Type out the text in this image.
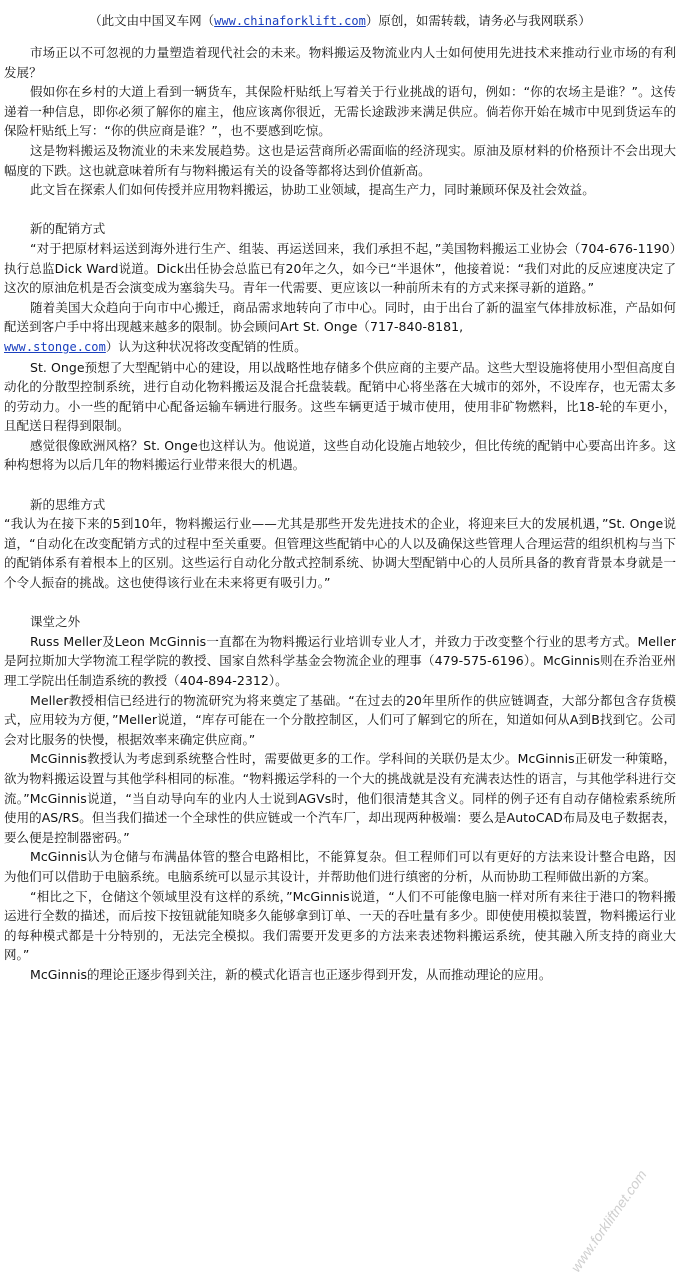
（此文由中国叉车网（www.chinaforklift.com）原创，如需转载，请务必与我网联系）

市场正以不可忽视的力量塑造着现代社会的未来。物料搬运及物流业内人士如何使用先进技术来推动行业市场的有利发展？

假如你在乡村的大道上看到一辆货车，其保险杆贴纸上写着关于行业挑战的语句，例如：“你的农场主是谁？”。这传递着一种信息，即你必须了解你的雇主，他应该离你很近，无需长途跋涉来满足供应。倘若你开始在城市中见到货运车的保险杆贴纸上写：“你的供应商是谁？”，也不要感到吃惊。

这是物料搬运及物流业的未来发展趋势。这也是运营商所必需面临的经济现实。原油及原材料的价格预计不会出现大幅度的下跌。这也就意味着所有与物料搬运有关的设备等都将达到价值新高。

此文旨在探索人们如何传授并应用物料搬运，协助工业领域，提高生产力，同时兼顾环保及社会效益。

新的配销方式

“对于把原材料运送到海外进行生产、组装、再运送回来，我们承担不起，”美国物料搬运工业协会（704-676-1190）执行总监Dick Ward说道。Dick出任协会总监已有20年之久，如今已“半退休”，他接着说：“我们对此的反应速度决定了这次的原油危机是否会演变成为塞翁失马。青年一代需要、更应该以一种前所未有的方式来探寻新的道路。”

随着美国大众趋向于向市中心搬迁，商品需求地转向了市中心。同时，由于出台了新的温室气体排放标准，产品如何配送到客户手中将出现越来越多的限制。协会顾问Art St. Onge（717-840-8181,
www.stonge.com）认为这种状况将改变配销的性质。

St. Onge预想了大型配销中心的建设，用以战略性地存储多个供应商的主要产品。这些大型设施将使用小型但高度自动化的分散型控制系统，进行自动化物料搬运及混合托盘装载。配销中心将坐落在大城市的郊外，不设库存，也无需太多的劳动力。小一些的配销中心配备运输车辆进行服务。这些车辆更适于城市使用，使用非矿物燃料，比18-轮的车更小，且配送日程得到限制。

感觉很像欧洲风格？St. Onge也这样认为。他说道，这些自动化设施占地较少，但比传统的配销中心要高出许多。这种构想将为以后几年的物料搬运行业带来很大的机遇。

新的思维方式

“我认为在接下来的5到10年，物料搬运行业——尤其是那些开发先进技术的企业，将迎来巨大的发展机遇，”St. Onge说道，“自动化在改变配销方式的过程中至关重要。但管理这些配销中心的人以及确保这些管理人合理运营的组织机构与当下的配销体系有着根本上的区别。这些运行自动化分散式控制系统、协调大型配销中心的人员所具备的教育背景本身就是一个令人振奋的挑战。这也使得该行业在未来将更有吸引力。”

课堂之外

Russ Meller及Leon McGinnis一直都在为物料搬运行业培训专业人才，并致力于改变整个行业的思考方式。Meller是阿拉斯加大学物流工程学院的教授、国家自然科学基金会物流企业的理事（479-575-6196）。McGinnis则在乔治亚州理工学院出任制造系统的教授（404-894-2312）。

Meller教授相信已经进行的物流研究为将来奠定了基础。“在过去的20年里所作的供应链调查，大部分都包含存货模式，应用较为方便，”Meller说道，“库存可能在一个分散控制区，人们可了解到它的所在，知道如何从A到B找到它。公司会对比服务的快慢，根据效率来确定供应商。”

McGinnis教授认为考虑到系统整合性时，需要做更多的工作。学科间的关联仍是太少。McGinnis正研发一种策略，欲为物料搬运设置与其他学科相同的标准。“物料搬运学科的一个大的挑战就是没有充满表达性的语言，与其他学科进行交流。”McGinnis说道，“当自动导向车的业内人士说到AGVs时，他们很清楚其含义。同样的例子还有自动存储检索系统所使用的AS/RS。但当我们描述一个全球性的供应链或一个汽车厂，却出现两种极端：要么是AutoCAD布局及电子数据表，要么便是控制器密码。”

McGinnis认为仓储与布满晶体管的整合电路相比，不能算复杂。但工程师们可以有更好的方法来设计整合电路，因为他们可以借助于电脑系统。电脑系统可以显示其设计，并帮助他们进行缜密的分析，从而协助工程师做出新的方案。

“相比之下，仓储这个领域里没有这样的系统，”McGinnis说道，“人们不可能像电脑一样对所有来往于港口的物料搬运进行全数的描述，而后按下按钮就能知晓多久能够拿到订单、一天的吞吐量有多少。即使使用模拟装置，物料搬运行业的每种模式都是十分特别的，无法完全模拟。我们需要开发更多的方法来表述物料搬运系统，使其融入所支持的商业大网。”

McGinnis的理论正逐步得到关注，新的模式化语言也正逐步得到开发，从而推动理论的应用。

www.forkliftnet.com
